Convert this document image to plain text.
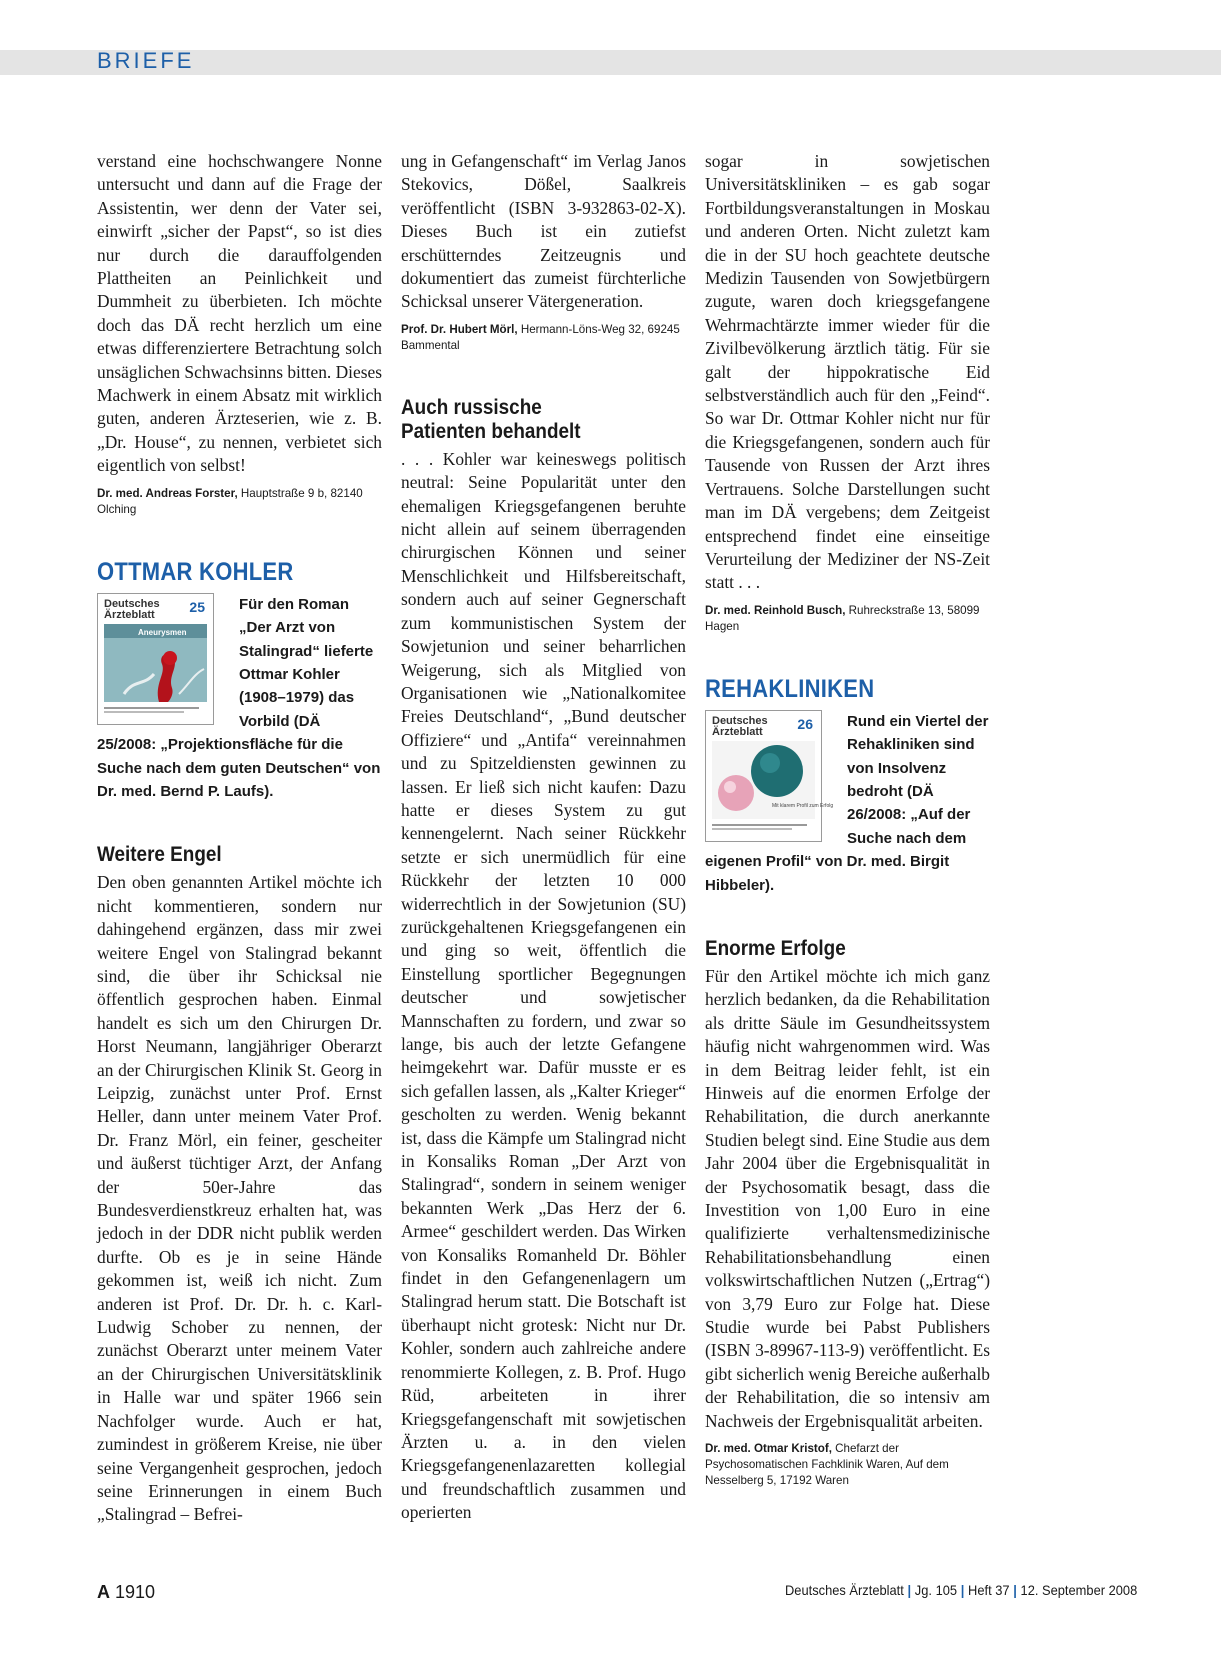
BRIEFE

verstand eine hochschwangere Nonne untersucht und dann auf die Frage der Assistentin, wer denn der Vater sei, einwirft „sicher der Papst“, so ist dies nur durch die darauffolgenden Plattheiten an Peinlichkeit und Dummheit zu überbieten. Ich möchte doch das DÄ recht herzlich um eine etwas differenziertere Betrachtung solch unsäglichen Schwachsinns bitten. Dieses Machwerk in einem Absatz mit wirklich guten, anderen Ärzteserien, wie z. B. „Dr. House“, zu nennen, verbietet sich eigentlich von selbst!

Dr. med. Andreas Forster, Hauptstraße 9 b, 82140 Olching

OTTMAR KOHLER
Deutsches
Ärzteblatt	25
Aneurysmen

Für den Roman „Der Arzt von Stalingrad“ lieferte Ottmar Kohler (1908–1979) das Vorbild (DÄ 25/2008: „Projektionsfläche für die Suche nach dem guten Deutschen“ von Dr. med. Bernd P. Laufs).

Weitere Engel

Den oben genannten Artikel möchte ich nicht kommentieren, sondern nur dahingehend ergänzen, dass mir zwei weitere Engel von Stalingrad bekannt sind, die über ihr Schicksal nie öffentlich gesprochen haben. Einmal handelt es sich um den Chirurgen Dr. Horst Neumann, langjähriger Oberarzt an der Chirurgischen Klinik St. Georg in Leipzig, zunächst unter Prof. Ernst Heller, dann unter meinem Vater Prof. Dr. Franz Mörl, ein feiner, gescheiter und äußerst tüchtiger Arzt, der Anfang der 50er-Jahre das Bundesverdienstkreuz erhalten hat, was jedoch in der DDR nicht publik werden durfte. Ob es je in seine Hände gekommen ist, weiß ich nicht. Zum anderen ist Prof. Dr. Dr. h. c. Karl-Ludwig Schober zu nennen, der zunächst Oberarzt unter meinem Vater an der Chirurgischen Universitätsklinik in Halle war und später 1966 sein Nachfolger wurde. Auch er hat, zumindest in größerem Kreise, nie über seine Vergangenheit gesprochen, jedoch seine Erinnerungen in einem Buch „Stalingrad – Befrei-

ung in Gefangenschaft“ im Verlag Janos Stekovics, Dößel, Saalkreis veröffentlicht (ISBN 3-932863-02-X). Dieses Buch ist ein zutiefst erschütterndes Zeitzeugnis und dokumentiert das zumeist fürchterliche Schicksal unserer Vätergeneration.

Prof. Dr. Hubert Mörl, Hermann-Löns-Weg 32, 69245 Bammental

Auch russische
Patienten behandelt

. . . Kohler war keineswegs politisch neutral: Seine Popularität unter den ehemaligen Kriegsgefangenen beruhte nicht allein auf seinem überragenden chirurgischen Können und seiner Menschlichkeit und Hilfsbereitschaft, sondern auch auf seiner Gegnerschaft zum kommunistischen System der Sowjetunion und seiner beharrlichen Weigerung, sich als Mitglied von Organisationen wie „Nationalkomitee Freies Deutschland“, „Bund deutscher Offiziere“ und „Antifa“ vereinnahmen und zu Spitzeldiensten gewinnen zu lassen. Er ließ sich nicht kaufen: Dazu hatte er dieses System zu gut kennengelernt. Nach seiner Rückkehr setzte er sich unermüdlich für eine Rückkehr der letzten 10 000 widerrechtlich in der Sowjetunion (SU) zurückgehaltenen Kriegsgefangenen ein und ging so weit, öffentlich die Einstellung sportlicher Begegnungen deutscher und sowjetischer Mannschaften zu fordern, und zwar so lange, bis auch der letzte Gefangene heimgekehrt war. Dafür musste er es sich gefallen lassen, als „Kalter Krieger“ gescholten zu werden. Wenig bekannt ist, dass die Kämpfe um Stalingrad nicht in Konsaliks Roman „Der Arzt von Stalingrad“, sondern in seinem weniger bekannten Werk „Das Herz der 6. Armee“ geschildert werden. Das Wirken von Konsaliks Romanheld Dr. Böhler findet in den Gefangenenlagern um Stalingrad herum statt. Die Botschaft ist überhaupt nicht grotesk: Nicht nur Dr. Kohler, sondern auch zahlreiche andere renommierte Kollegen, z. B. Prof. Hugo Rüd, arbeiteten in ihrer Kriegsgefangenschaft mit sowjetischen Ärzten u. a. in den vielen Kriegsgefangenenlazaretten kollegial und freundschaftlich zusammen und operierten

sogar in sowjetischen Universitätskliniken – es gab sogar Fortbildungsveranstaltungen in Moskau und anderen Orten. Nicht zuletzt kam die in der SU hoch geachtete deutsche Medizin Tausenden von Sowjetbürgern zugute, waren doch kriegsgefangene Wehrmachtärzte immer wieder für die Zivilbevölkerung ärztlich tätig. Für sie galt der hippokratische Eid selbstverständlich auch für den „Feind“. So war Dr. Ottmar Kohler nicht nur für die Kriegsgefangenen, sondern auch für Tausende von Russen der Arzt ihres Vertrauens. Solche Darstellungen sucht man im DÄ vergebens; dem Zeitgeist entsprechend findet eine einseitige Verurteilung der Mediziner der NS-Zeit statt . . .

Dr. med. Reinhold Busch, Ruhreckstraße 13, 58099 Hagen

REHAKLINIKEN
Deutsches
Ärzteblatt	26
Mit klarem Profil zum Erfolg

Rund ein Viertel der Rehakliniken sind von Insolvenz bedroht (DÄ 26/2008: „Auf der Suche nach dem eigenen Profil“ von Dr. med. Birgit Hibbeler).

Enorme Erfolge

Für den Artikel möchte ich mich ganz herzlich bedanken, da die Rehabilitation als dritte Säule im Gesundheitssystem häufig nicht wahrgenommen wird. Was in dem Beitrag leider fehlt, ist ein Hinweis auf die enormen Erfolge der Rehabilitation, die durch anerkannte Studien belegt sind. Eine Studie aus dem Jahr 2004 über die Ergebnisqualität in der Psychosomatik besagt, dass die Investition von 1,00 Euro in eine qualifizierte verhaltensmedizinische Rehabilitationsbehandlung einen volkswirtschaftlichen Nutzen („Ertrag“) von 3,79 Euro zur Folge hat. Diese Studie wurde bei Pabst Publishers (ISBN 3-89967-113-9) veröffentlicht. Es gibt sicherlich wenig Bereiche außerhalb der Rehabilitation, die so intensiv am Nachweis der Ergebnisqualität arbeiten.

Dr. med. Otmar Kristof, Chefarzt der Psychosomatischen Fachklinik Waren, Auf dem Nesselberg 5, 17192 Waren

A 1910	Deutsches Ärzteblatt | Jg. 105 | Heft 37 | 12. September 2008
